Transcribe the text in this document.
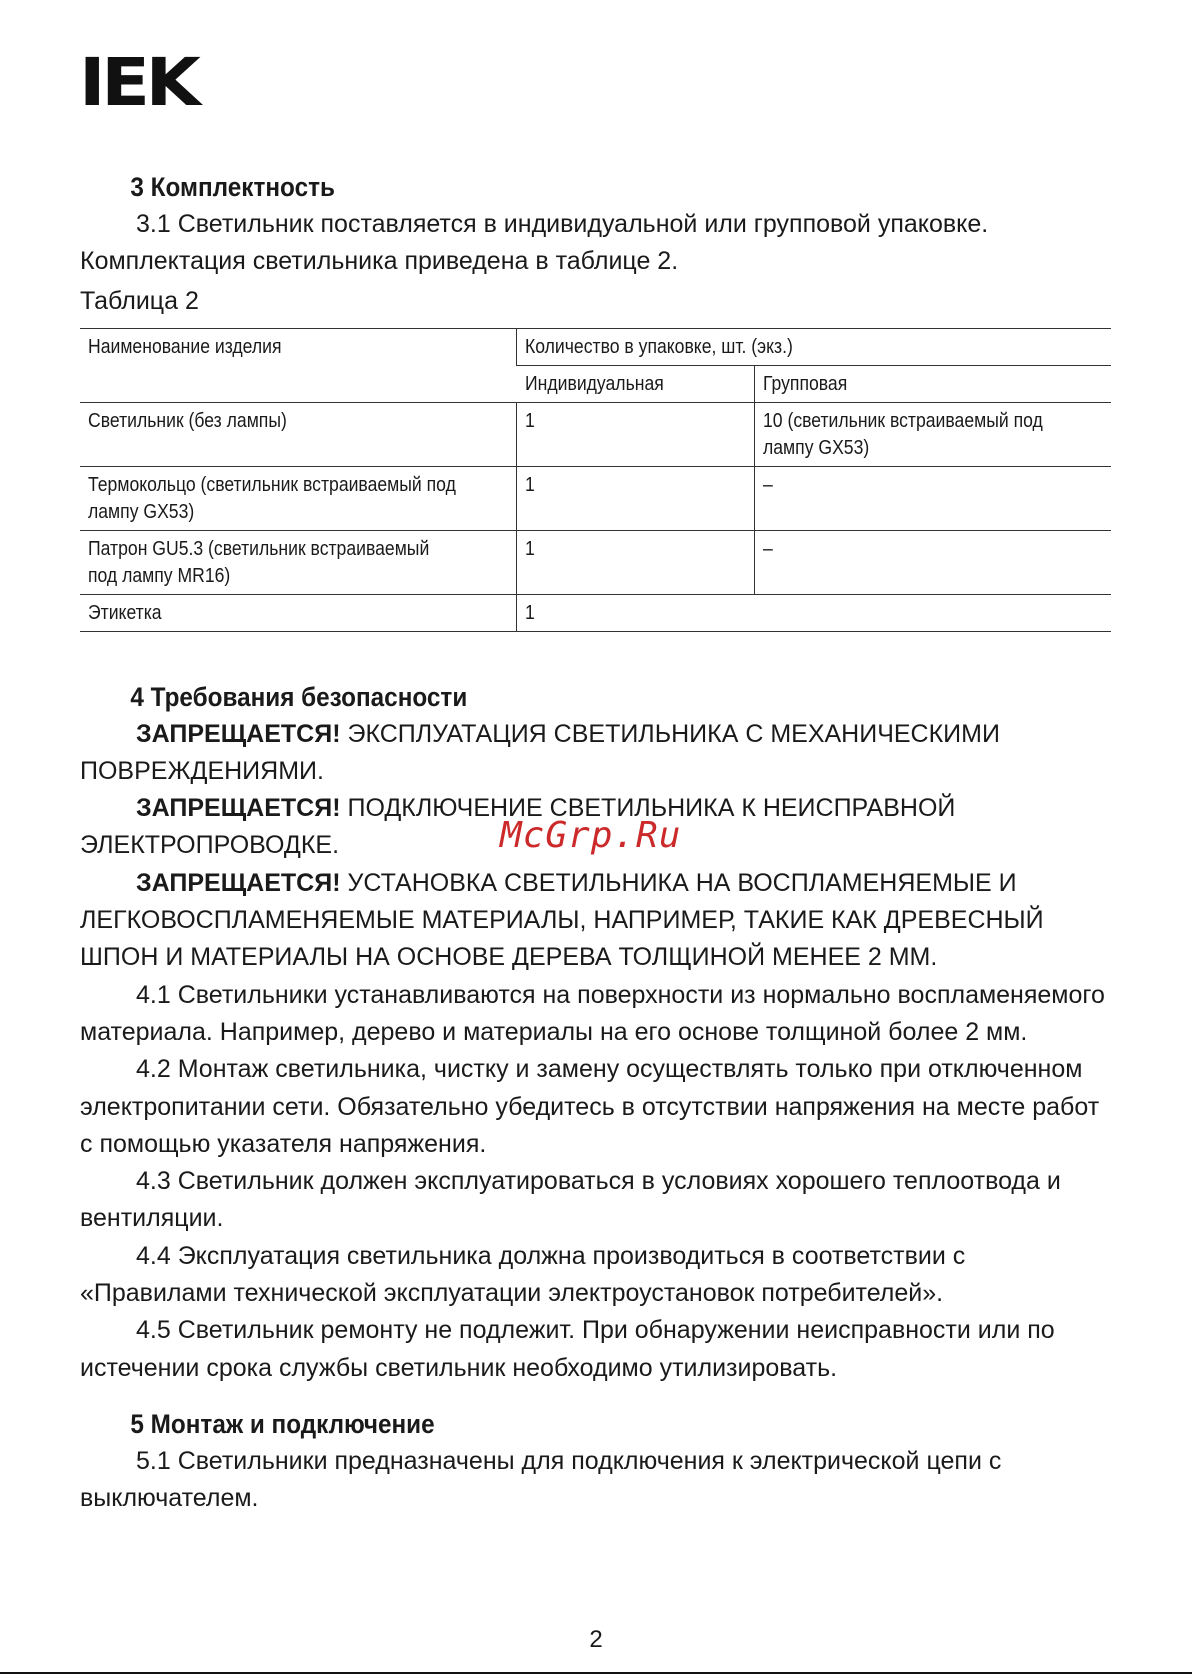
IEK
3 Комплектность

3.1 Светильник поставляется в индивидуальной или групповой упаковке. Комплектация светильника приведена в таблице 2.

Таблица 2

Наименование изделия	Количество в упаковке, шт. (экз.)	
	Индивидуальная	Групповая
Светильник (без лампы)	1	10 (светильник встраиваемый под лампу GX53)
Термокольцо (светильник встраиваемый под лампу GX53)	1	–
Патрон GU5.3 (светильник встраиваемый под лампу MR16)	1	–
Этикетка	1	
4 Требования безопасности

ЗАПРЕЩАЕТСЯ! ЭКСПЛУАТАЦИЯ СВЕТИЛЬНИКА С МЕХАНИЧЕСКИМИ ПОВРЕЖДЕНИЯМИ.

ЗАПРЕЩАЕТСЯ! ПОДКЛЮЧЕНИЕ СВЕТИЛЬНИКА К НЕИСПРАВНОЙ ЭЛЕКТРОПРОВОДКЕ.

ЗАПРЕЩАЕТСЯ! УСТАНОВКА СВЕТИЛЬНИКА НА ВОСПЛАМЕНЯЕМЫЕ И ЛЕГКОВОСПЛАМЕНЯЕМЫЕ МАТЕРИАЛЫ, НАПРИМЕР, ТАКИЕ КАК ДРЕВЕСНЫЙ ШПОН И МАТЕРИАЛЫ НА ОСНОВЕ ДЕРЕВА ТОЛЩИНОЙ МЕНЕЕ 2 ММ.

4.1 Светильники устанавливаются на поверхности из нормально воспламеняемого материала. Например, дерево и материалы на его основе толщиной более 2 мм.

4.2 Монтаж светильника, чистку и замену осуществлять только при отключенном электропитании сети. Обязательно убедитесь в отсутствии напряжения на месте работ с помощью указателя напряжения.

4.3 Светильник должен эксплуатироваться в условиях хорошего теплоотвода и вентиляции.

4.4 Эксплуатация светильника должна производиться в соответствии с «Правилами технической эксплуатации электроустановок потребителей».

4.5 Светильник ремонту не подлежит. При обнаружении неисправности или по истечении срока службы светильник необходимо утилизировать.

5 Монтаж и подключение

5.1 Светильники предназначены для подключения к электрической цепи с выключателем.

McGrp.Ru
2
